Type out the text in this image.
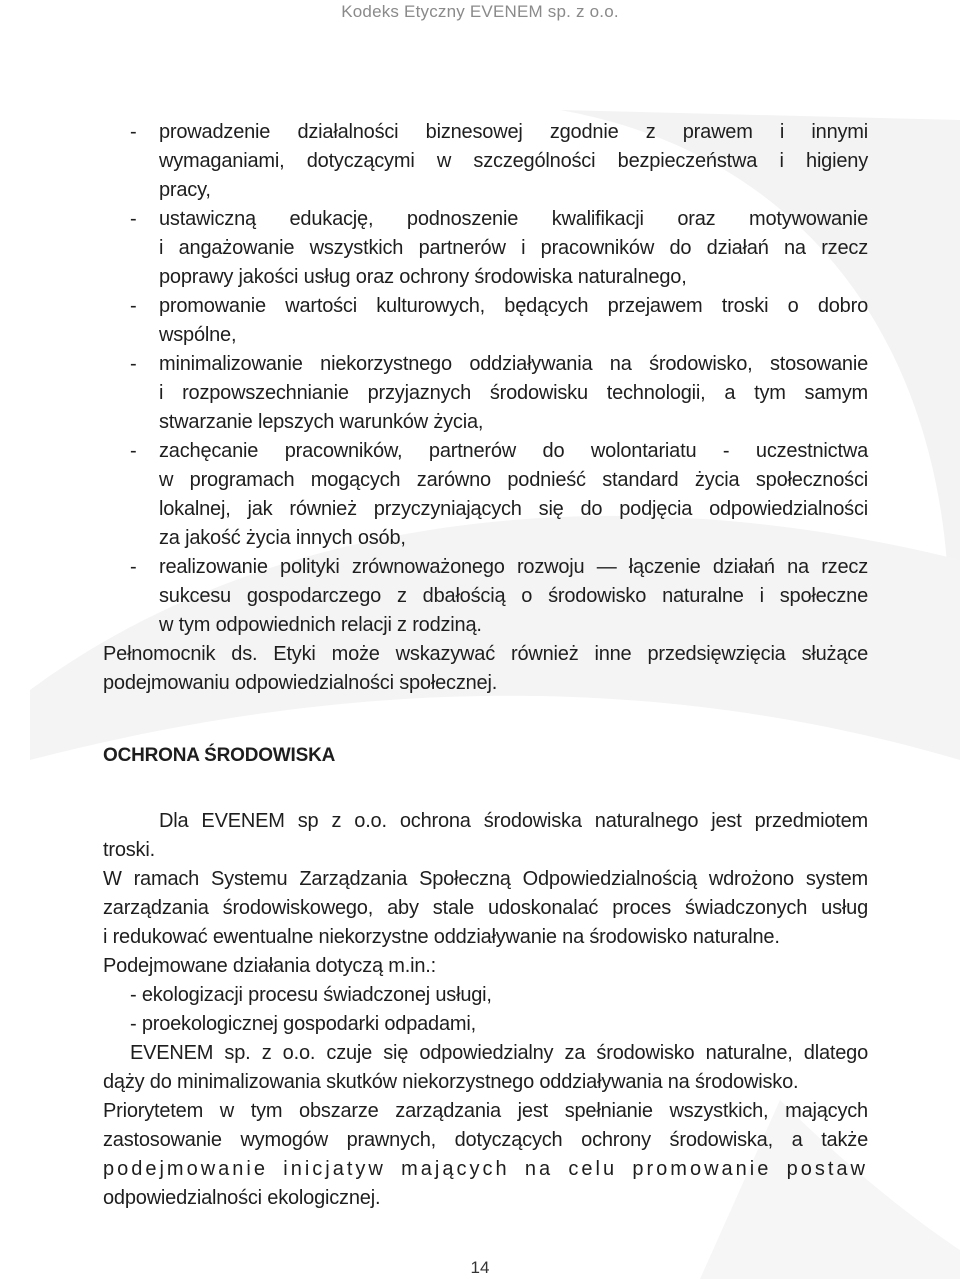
Kodeks Etyczny EVENEM sp. z o.o.
- prowadzenie działalności biznesowej zgodnie z prawem i innymi

wymaganiami, dotyczącymi w szczególności bezpieczeństwa i higieny

pracy,

- ustawiczną edukację, podnoszenie kwalifikacji oraz motywowanie

i angażowanie wszystkich partnerów i pracowników do działań na rzecz

poprawy jakości usług oraz ochrony środowiska naturalnego,

- promowanie wartości kulturowych, będących przejawem troski o dobro

wspólne,

- minimalizowanie niekorzystnego oddziaływania na środowisko, stosowanie

i rozpowszechnianie przyjaznych środowisku technologii, a tym samym

stwarzanie lepszych warunków życia,

- zachęcanie pracowników, partnerów do wolontariatu - uczestnictwa

w programach mogących zarówno podnieść standard życia społeczności

lokalnej, jak również przyczyniających się do podjęcia odpowiedzialności

za jakość życia innych osób,

- realizowanie polityki zrównoważonego rozwoju — łączenie działań na rzecz

sukcesu gospodarczego z dbałością o środowisko naturalne i społeczne

w tym odpowiednich relacji z rodziną.

Pełnomocnik ds. Etyki może wskazywać również inne przedsięwzięcia służące

podejmowaniu odpowiedzialności społecznej.

OCHRONA ŚRODOWISKA

Dla EVENEM sp z o.o. ochrona środowiska naturalnego jest przedmiotem

troski.

W ramach Systemu Zarządzania Społeczną Odpowiedzialnością wdrożono system

zarządzania środowiskowego, aby stale udoskonalać proces świadczonych usług

i redukować ewentualne niekorzystne oddziaływanie na środowisko naturalne.

Podejmowane działania dotyczą m.in.:

- ekologizacji procesu świadczonej usługi,

- proekologicznej gospodarki odpadami,

EVENEM sp. z o.o. czuje się odpowiedzialny za środowisko naturalne, dlatego

dąży do minimalizowania skutków niekorzystnego oddziaływania na środowisko.

Priorytetem w tym obszarze zarządzania jest spełnianie wszystkich, mających

zastosowanie wymogów prawnych, dotyczących ochrony środowiska, a także

podejmowanie inicjatyw mających na celu promowanie postaw

odpowiedzialności ekologicznej.

14
